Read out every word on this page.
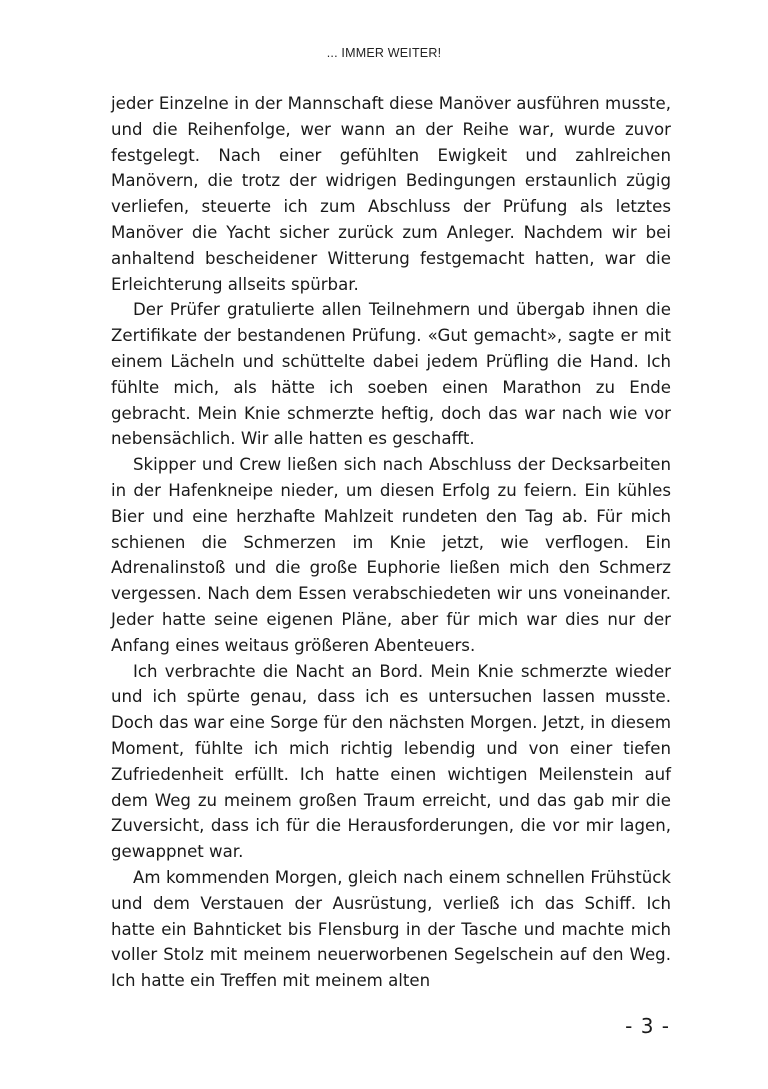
... IMMER WEITER!

jeder Einzelne in der Mannschaft diese Manöver ausführen musste, und die Reihenfolge, wer wann an der Reihe war, wurde zuvor festgelegt. Nach einer gefühlten Ewigkeit und zahlreichen Manövern, die trotz der widrigen Bedingungen erstaunlich zügig verliefen, steuerte ich zum Abschluss der Prüfung als letztes Manöver die Yacht sicher zurück zum Anleger. Nachdem wir bei anhaltend bescheidener Witterung festgemacht hatten, war die Erleichterung allseits spürbar.

Der Prüfer gratulierte allen Teilnehmern und übergab ihnen die Zertifikate der bestandenen Prüfung. «Gut gemacht», sagte er mit einem Lächeln und schüttelte dabei jedem Prüfling die Hand. Ich fühlte mich, als hätte ich soeben einen Marathon zu Ende gebracht. Mein Knie schmerzte heftig, doch das war nach wie vor nebensächlich. Wir alle hatten es geschafft.

Skipper und Crew ließen sich nach Abschluss der Decksarbeiten in der Hafenkneipe nieder, um diesen Erfolg zu feiern. Ein kühles Bier und eine herzhafte Mahlzeit rundeten den Tag ab. Für mich schienen die Schmerzen im Knie jetzt, wie verflogen. Ein Adrenalinstoß und die große Euphorie ließen mich den Schmerz vergessen. Nach dem Essen verabschiedeten wir uns voneinander. Jeder hatte seine eigenen Pläne, aber für mich war dies nur der Anfang eines weitaus größeren Abenteuers.

Ich verbrachte die Nacht an Bord. Mein Knie schmerzte wieder und ich spürte genau, dass ich es untersuchen lassen musste. Doch das war eine Sorge für den nächsten Morgen. Jetzt, in diesem Moment, fühlte ich mich richtig lebendig und von einer tiefen Zufriedenheit erfüllt. Ich hatte einen wichtigen Meilenstein auf dem Weg zu meinem großen Traum erreicht, und das gab mir die Zuversicht, dass ich für die Herausforderungen, die vor mir lagen, gewappnet war.

Am kommenden Morgen, gleich nach einem schnellen Frühstück und dem Verstauen der Ausrüstung, verließ ich das Schiff. Ich hatte ein Bahnticket bis Flensburg in der Tasche und machte mich voller Stolz mit meinem neuerworbenen Segelschein auf den Weg. Ich hatte ein Treffen mit meinem alten

- 3 -
